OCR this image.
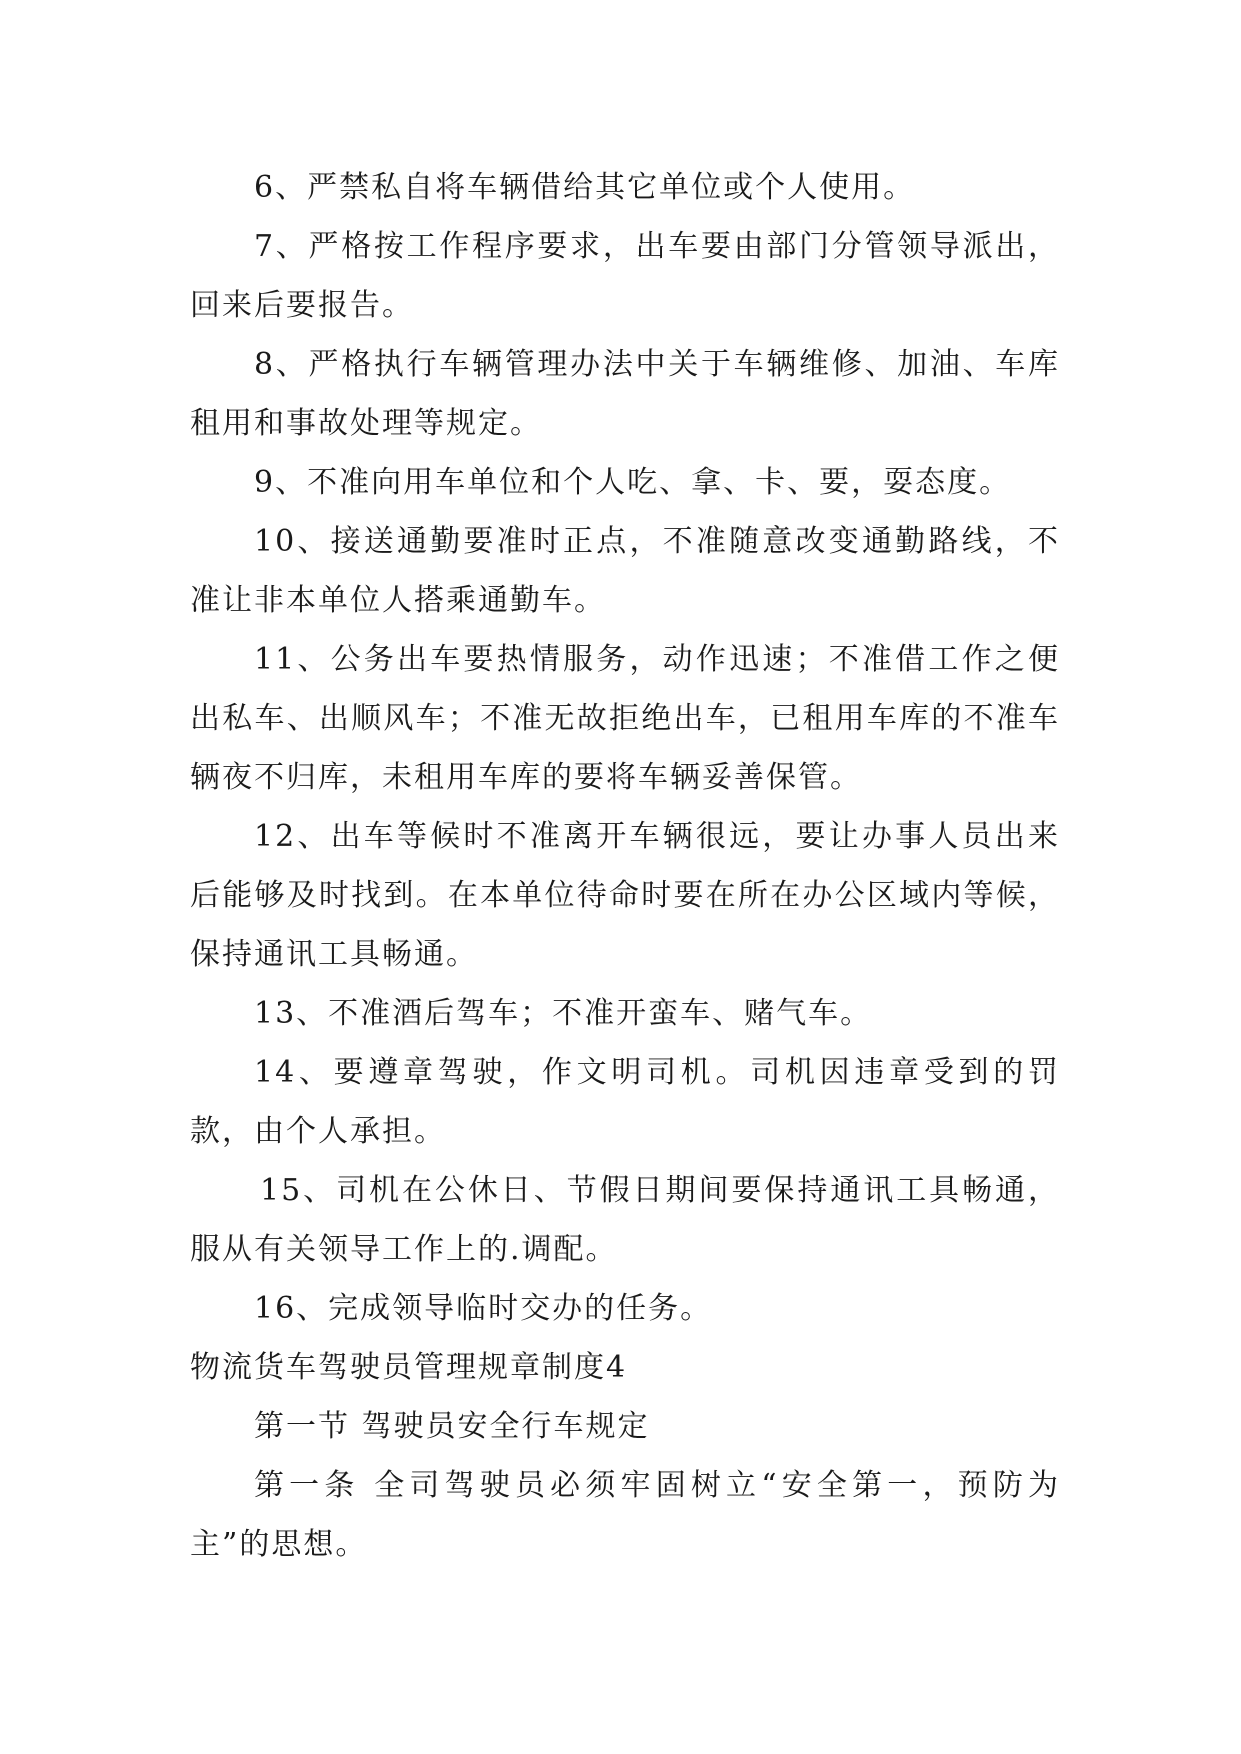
6、严禁私自将车辆借给其它单位或个人使用。

7、严格按工作程序要求，出车要由部门分管领导派出，回来后要报告。

8、严格执行车辆管理办法中关于车辆维修、加油、车库租用和事故处理等规定。

9、不准向用车单位和个人吃、拿、卡、要，耍态度。

10、接送通勤要准时正点，不准随意改变通勤路线，不准让非本单位人搭乘通勤车。

11、公务出车要热情服务，动作迅速；不准借工作之便出私车、出顺风车；不准无故拒绝出车，已租用车库的不准车辆夜不归库，未租用车库的要将车辆妥善保管。

12、出车等候时不准离开车辆很远，要让办事人员出来后能够及时找到。在本单位待命时要在所在办公区域内等候，保持通讯工具畅通。

13、不准酒后驾车；不准开蛮车、赌气车。

14、要遵章驾驶，作文明司机。司机因违章受到的罚款，由个人承担。

15、司机在公休日、节假日期间要保持通讯工具畅通，服从有关领导工作上的.调配。

16、完成领导临时交办的任务。

物流货车驾驶员管理规章制度4

第一节 驾驶员安全行车规定

第一条 全司驾驶员必须牢固树立“安全第一，预防为主”的思想。
